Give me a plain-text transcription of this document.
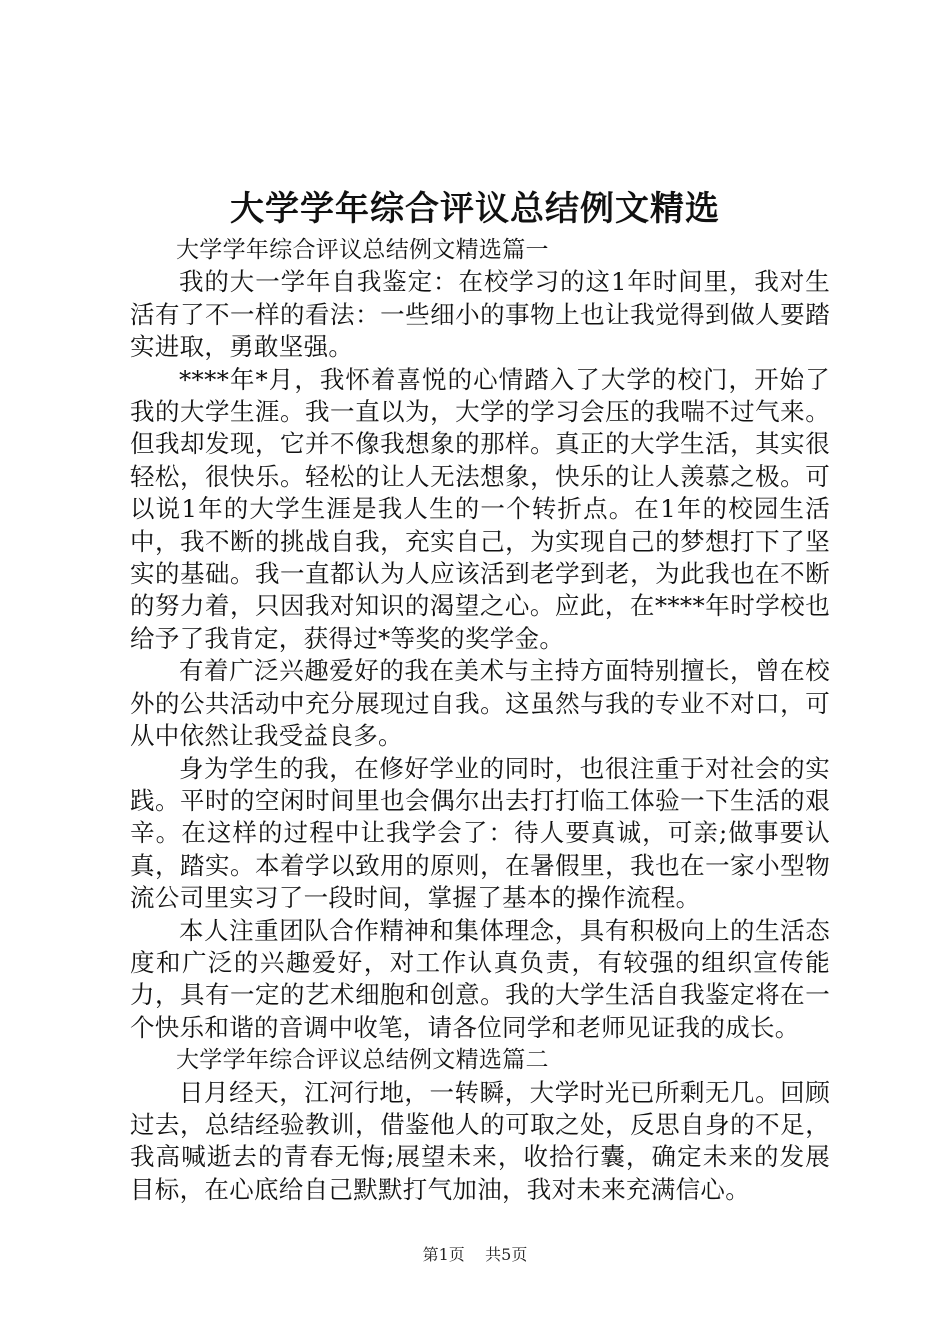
大学学年综合评议总结例文精选

大学学年综合评议总结例文精选篇一

我的大一学年自我鉴定：在校学习的这1年时间里，我对生活有了不一样的看法：一些细小的事物上也让我觉得到做人要踏实进取，勇敢坚强。

****年*月，我怀着喜悦的心情踏入了大学的校门，开始了我的大学生涯。我一直以为，大学的学习会压的我喘不过气来。但我却发现，它并不像我想象的那样。真正的大学生活，其实很轻松，很快乐。轻松的让人无法想象，快乐的让人羡慕之极。可以说1年的大学生涯是我人生的一个转折点。在1年的校园生活中，我不断的挑战自我，充实自己，为实现自己的梦想打下了坚实的基础。我一直都认为人应该活到老学到老，为此我也在不断的努力着，只因我对知识的渴望之心。应此，在****年时学校也给予了我肯定，获得过*等奖的奖学金。

有着广泛兴趣爱好的我在美术与主持方面特别擅长，曾在校外的公共活动中充分展现过自我。这虽然与我的专业不对口，可从中依然让我受益良多。

身为学生的我，在修好学业的同时，也很注重于对社会的实践。平时的空闲时间里也会偶尔出去打打临工体验一下生活的艰辛。在这样的过程中让我学会了：待人要真诚，可亲;做事要认真，踏实。本着学以致用的原则，在暑假里，我也在一家小型物流公司里实习了一段时间，掌握了基本的操作流程。

本人注重团队合作精神和集体理念，具有积极向上的生活态度和广泛的兴趣爱好，对工作认真负责，有较强的组织宣传能力，具有一定的艺术细胞和创意。我的大学生活自我鉴定将在一个快乐和谐的音调中收笔，请各位同学和老师见证我的成长。

大学学年综合评议总结例文精选篇二

日月经天，江河行地，一转瞬，大学时光已所剩无几。回顾过去，总结经验教训，借鉴他人的可取之处，反思自身的不足，我高喊逝去的青春无悔;展望未来，收拾行囊，确定未来的发展目标，在心底给自己默默打气加油，我对未来充满信心。

第1页 共5页
